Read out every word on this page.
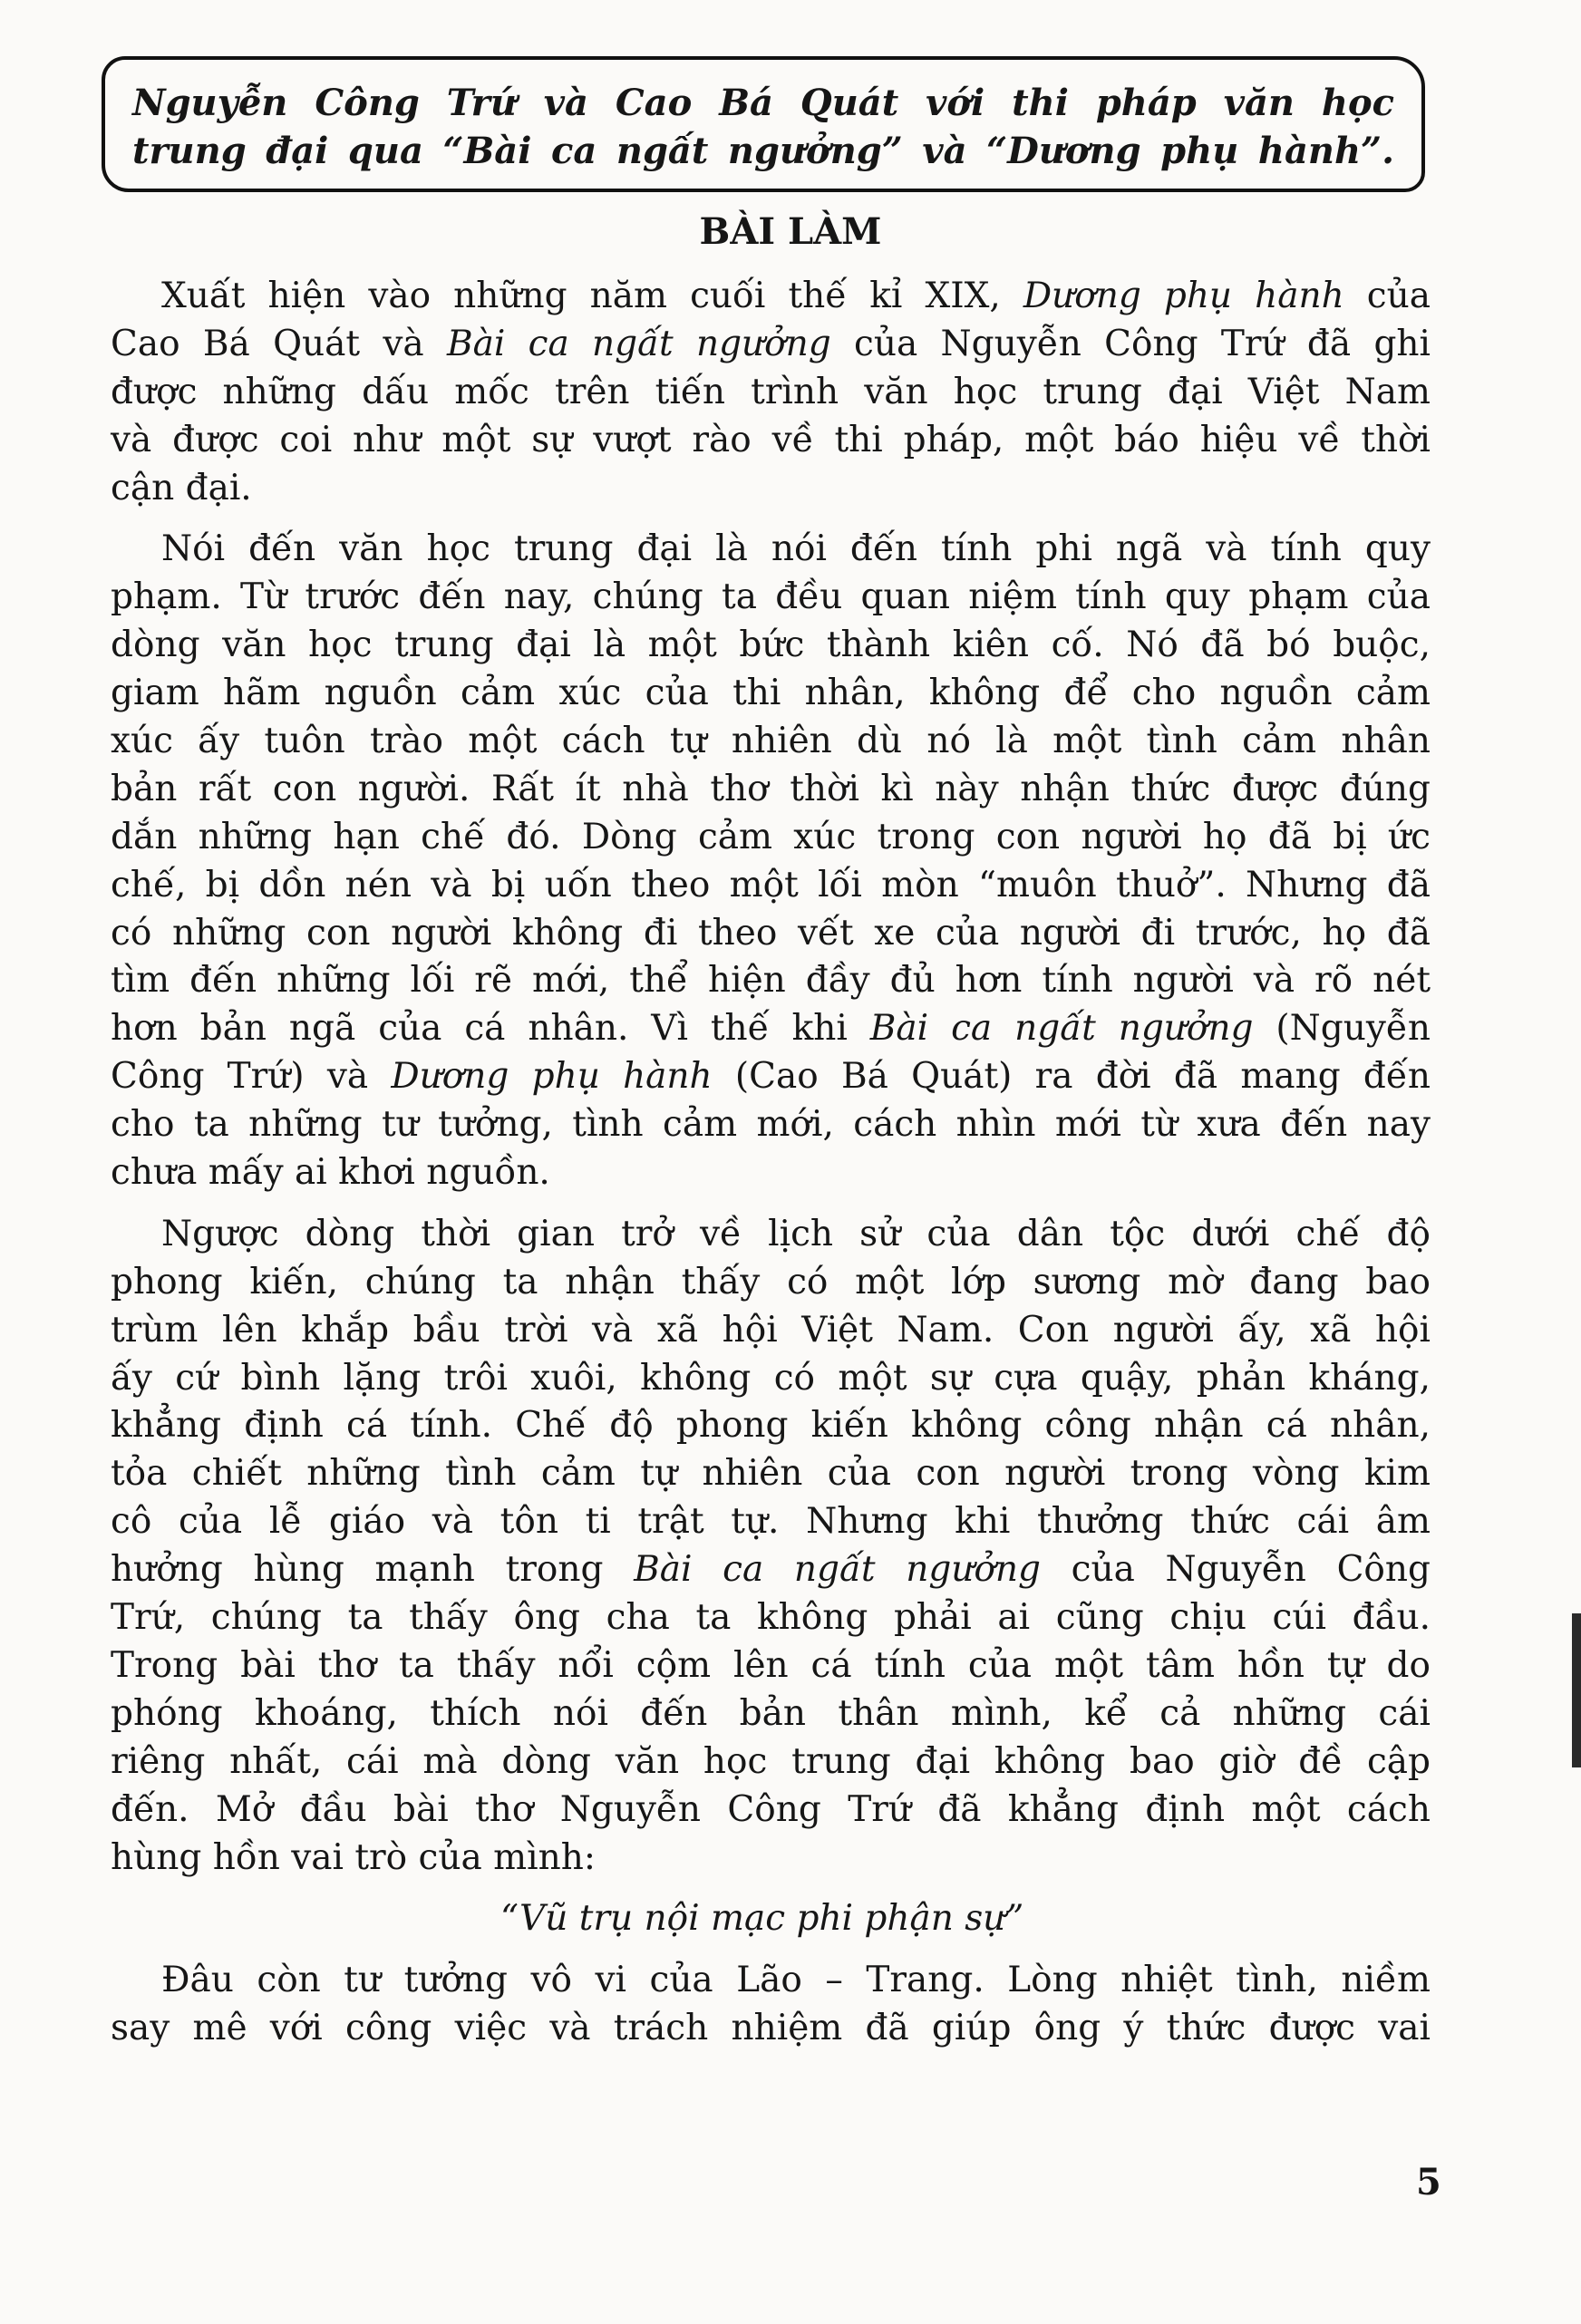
Nguyễn Công Trứ và Cao Bá Quát với thi pháp văn học
trung đại qua “Bài ca ngất ngưởng” và “Dương phụ hành”.
BÀI LÀM
Xuất hiện vào những năm cuối thế kỉ XIX, Dương phụ hành của
Cao Bá Quát và Bài ca ngất ngưởng của Nguyễn Công Trứ đã ghi
được những dấu mốc trên tiến trình văn học trung đại Việt Nam
và được coi như một sự vượt rào về thi pháp, một báo hiệu về thời
cận đại.
Nói đến văn học trung đại là nói đến tính phi ngã và tính quy
phạm. Từ trước đến nay, chúng ta đều quan niệm tính quy phạm của
dòng văn học trung đại là một bức thành kiên cố. Nó đã bó buộc,
giam hãm nguồn cảm xúc của thi nhân, không để cho nguồn cảm
xúc ấy tuôn trào một cách tự nhiên dù nó là một tình cảm nhân
bản rất con người. Rất ít nhà thơ thời kì này nhận thức được đúng
dắn những hạn chế đó. Dòng cảm xúc trong con người họ đã bị ức
chế, bị dồn nén và bị uốn theo một lối mòn “muôn thuở”. Nhưng đã
có những con người không đi theo vết xe của người đi trước, họ đã
tìm đến những lối rẽ mới, thể hiện đầy đủ hơn tính người và rõ nét
hơn bản ngã của cá nhân. Vì thế khi Bài ca ngất ngưởng (Nguyễn
Công Trứ) và Dương phụ hành (Cao Bá Quát) ra đời đã mang đến
cho ta những tư tưởng, tình cảm mới, cách nhìn mới từ xưa đến nay
chưa mấy ai khơi nguồn.
Ngược dòng thời gian trở về lịch sử của dân tộc dưới chế độ
phong kiến, chúng ta nhận thấy có một lớp sương mờ đang bao
trùm lên khắp bầu trời và xã hội Việt Nam. Con người ấy, xã hội
ấy cứ bình lặng trôi xuôi, không có một sự cựa quậy, phản kháng,
khẳng định cá tính. Chế độ phong kiến không công nhận cá nhân,
tỏa chiết những tình cảm tự nhiên của con người trong vòng kim
cô của lễ giáo và tôn ti trật tự. Nhưng khi thưởng thức cái âm
hưởng hùng mạnh trong Bài ca ngất ngưởng của Nguyễn Công
Trứ, chúng ta thấy ông cha ta không phải ai cũng chịu cúi đầu.
Trong bài thơ ta thấy nổi cộm lên cá tính của một tâm hồn tự do
phóng khoáng, thích nói đến bản thân mình, kể cả những cái
riêng nhất, cái mà dòng văn học trung đại không bao giờ đề cập
đến. Mở đầu bài thơ Nguyễn Công Trứ đã khẳng định một cách
hùng hồn vai trò của mình:
“Vũ trụ nội mạc phi phận sự”
Đâu còn tư tưởng vô vi của Lão – Trang. Lòng nhiệt tình, niềm
say mê với công việc và trách nhiệm đã giúp ông ý thức được vai
5
